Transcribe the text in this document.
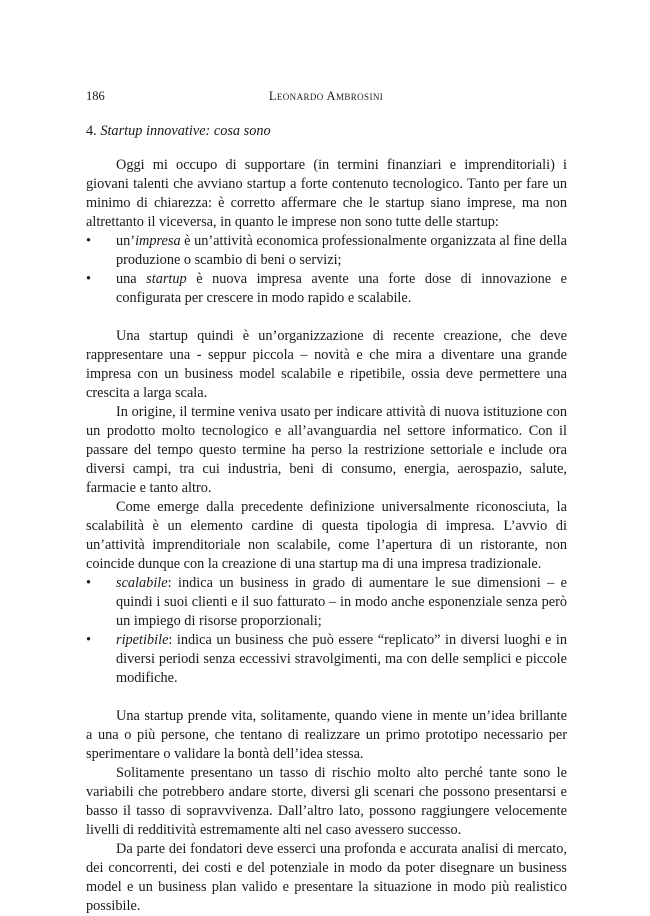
186	Leonardo Ambrosini
4. Startup innovative: cosa sono

Oggi mi occupo di supportare (in termini finanziari e imprenditoriali) i giovani talenti che avviano startup a forte contenuto tecnologico. Tanto per fare un minimo di chiarezza: è corretto affermare che le startup siano imprese, ma non altrettanto il viceversa, in quanto le imprese non sono tutte delle startup:

• un’impresa è un’attività economica professionalmente organizzata al fine della produzione o scambio di beni o servizi;
• una startup è nuova impresa avente una forte dose di innovazione e configurata per crescere in modo rapido e scalabile.

Una startup quindi è un’organizzazione di recente creazione, che deve rappresentare una - seppur piccola – novità e che mira a diventare una grande impresa con un business model scalabile e ripetibile, ossia deve permettere una crescita a larga scala.

In origine, il termine veniva usato per indicare attività di nuova istituzione con un prodotto molto tecnologico e all’avanguardia nel settore informatico. Con il passare del tempo questo termine ha perso la restrizione settoriale e include ora diversi campi, tra cui industria, beni di consumo, energia, aerospazio, salute, farmacie e tanto altro.

Come emerge dalla precedente definizione universalmente riconosciuta, la scalabilità è un elemento cardine di questa tipologia di impresa. L’avvio di un’attività imprenditoriale non scalabile, come l’apertura di un ristorante, non coincide dunque con la creazione di una startup ma di una impresa tradizionale.

• scalabile: indica un business in grado di aumentare le sue dimensioni – e quindi i suoi clienti e il suo fatturato – in modo anche esponenziale senza però un impiego di risorse proporzionali;
• ripetibile: indica un business che può essere “replicato” in diversi luoghi e in diversi periodi senza eccessivi stravolgimenti, ma con delle semplici e piccole modifiche.

Una startup prende vita, solitamente, quando viene in mente un’idea brillante a una o più persone, che tentano di realizzare un primo prototipo necessario per sperimentare o validare la bontà dell’idea stessa.

Solitamente presentano un tasso di rischio molto alto perché tante sono le variabili che potrebbero andare storte, diversi gli scenari che possono presentarsi e basso il tasso di sopravvivenza. Dall’altro lato, possono raggiungere velocemente livelli di redditività estremamente alti nel caso avessero successo.

Da parte dei fondatori deve esserci una profonda e accurata analisi di mercato, dei concorrenti, dei costi e del potenziale in modo da poter disegnare un business model e un business plan valido e presentare la situazione in modo più realistico possibile.
